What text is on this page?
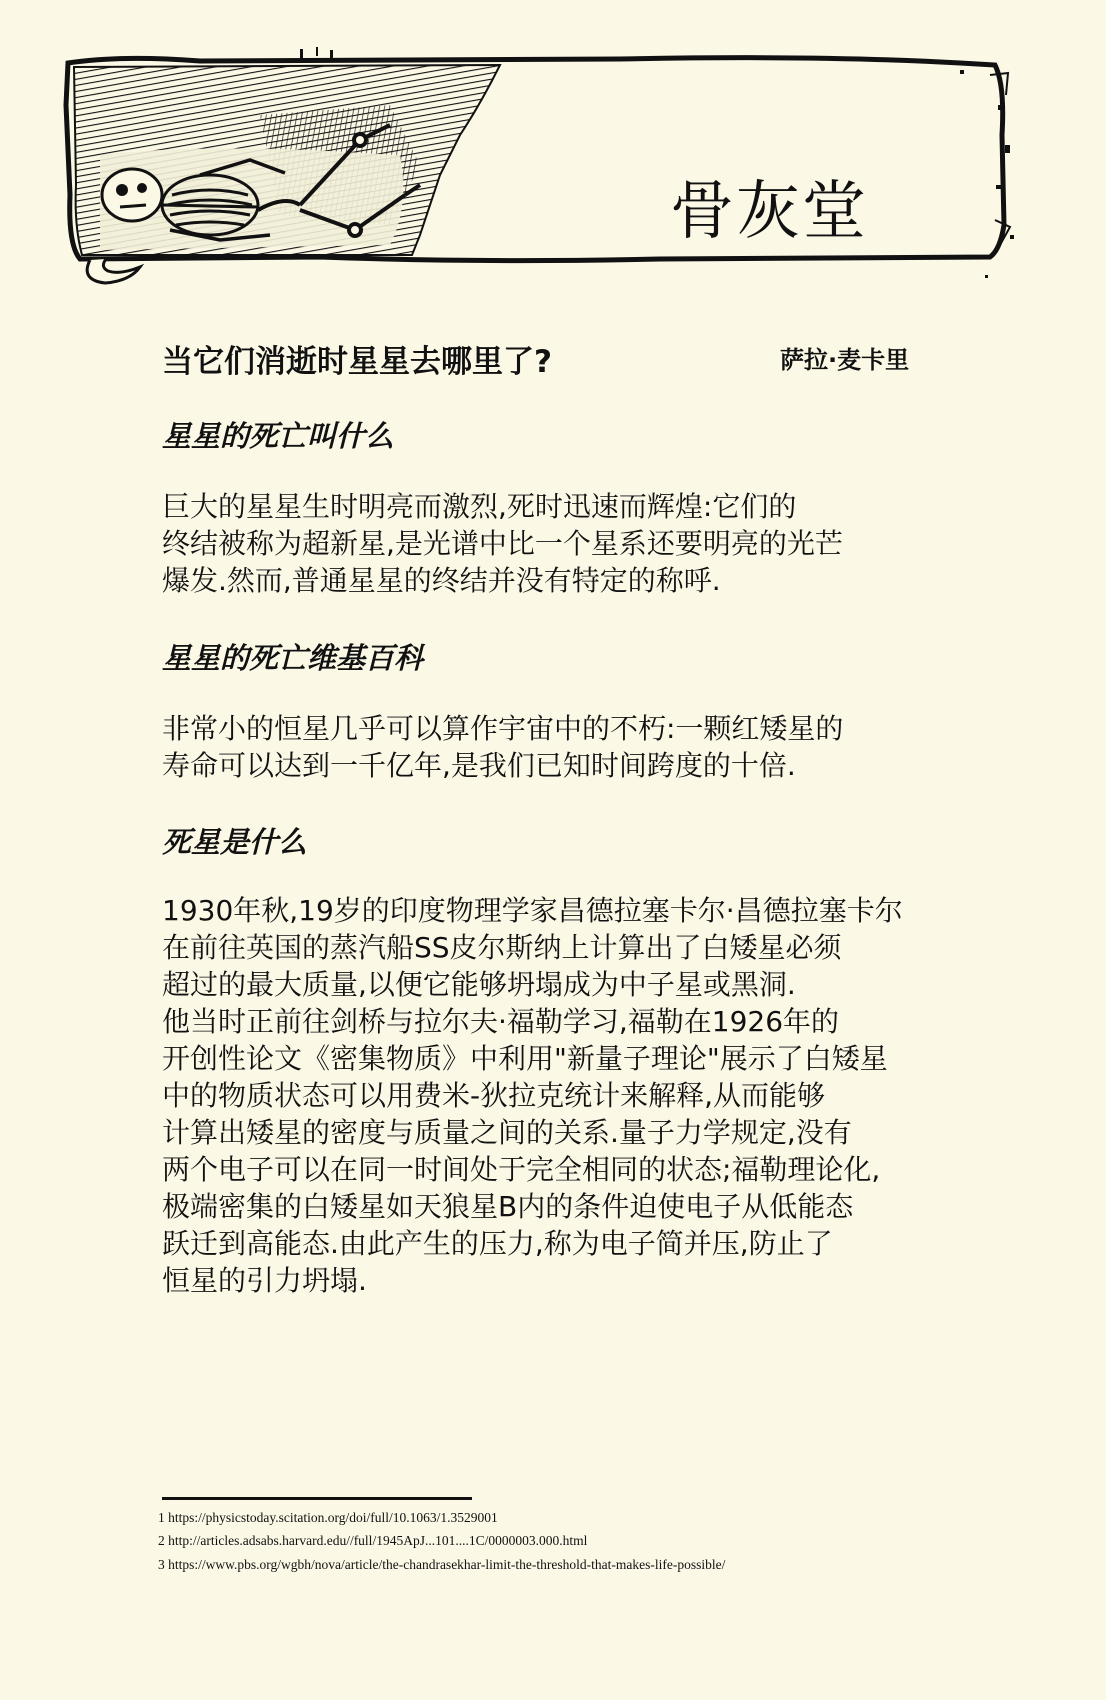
骨灰堂
当它们消逝时星星去哪里了?	萨拉·麦卡里
星星的死亡叫什么
巨大的星星生时明亮而激烈,死时迅速而辉煌:它们的
终结被称为超新星,是光谱中比一个星系还要明亮的光芒
爆发.然而,普通星星的终结并没有特定的称呼.
星星的死亡维基百科
非常小的恒星几乎可以算作宇宙中的不朽:一颗红矮星的
寿命可以达到一千亿年,是我们已知时间跨度的十倍.
死星是什么
1930年秋,19岁的印度物理学家昌德拉塞卡尔·昌德拉塞卡尔
在前往英国的蒸汽船SS皮尔斯纳上计算出了白矮星必须
超过的最大质量,以便它能够坍塌成为中子星或黑洞.
他当时正前往剑桥与拉尔夫·福勒学习,福勒在1926年的
开创性论文《密集物质》中利用"新量子理论"展示了白矮星
中的物质状态可以用费米-狄拉克统计来解释,从而能够
计算出矮星的密度与质量之间的关系.量子力学规定,没有
两个电子可以在同一时间处于完全相同的状态;福勒理论化,
极端密集的白矮星如天狼星B内的条件迫使电子从低能态
跃迁到高能态.由此产生的压力,称为电子简并压,防止了
恒星的引力坍塌.
1 https://physicstoday.scitation.org/doi/full/10.1063/1.3529001
2 http://articles.adsabs.harvard.edu//full/1945ApJ...101....1C/0000003.000.html
3 https://www.pbs.org/wgbh/nova/article/the-chandrasekhar-limit-the-threshold-that-makes-life-possible/
